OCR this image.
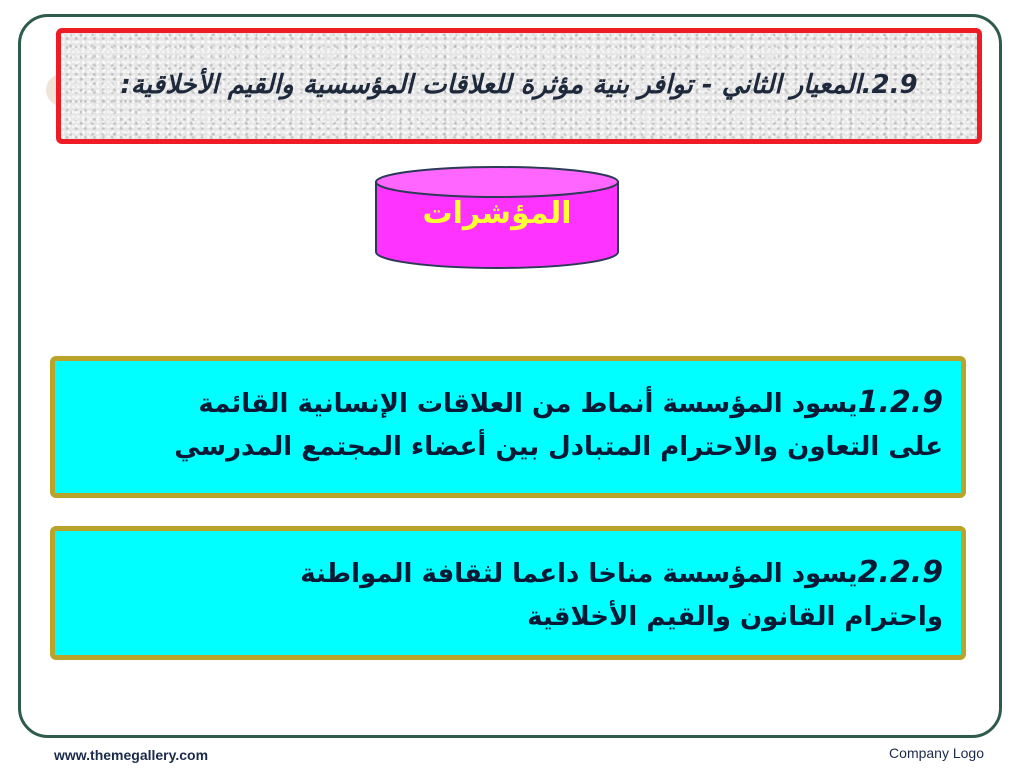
2.9.المعيار الثاني - توافر بنية مؤثرة للعلاقات المؤسسية والقيم الأخلاقية:
المؤشرات
1.2.9يسود المؤسسة أنماط من العلاقات الإنسانية القائمة
على التعاون والاحترام المتبادل بين أعضاء المجتمع المدرسي
2.2.9يسود المؤسسة مناخا داعما لثقافة المواطنة
واحترام القانون والقيم الأخلاقية
www.themegallery.com	Company Logo
